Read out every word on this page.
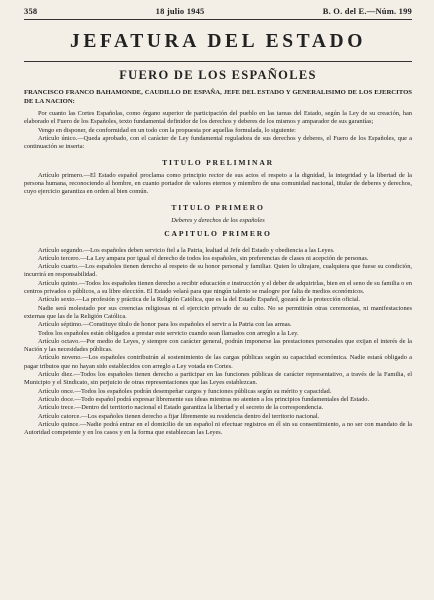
358	18 julio 1945	B. O. del E.—Núm. 199
JEFATURA DEL ESTADO
FUERO DE LOS ESPAÑOLES

FRANCISCO FRANCO BAHAMONDE, CAUDILLO DE ESPAÑA, JEFE DEL ESTADO Y GENERALISIMO DE LOS EJERCITOS DE LA NACION:

Por cuanto las Cortes Españolas, como órgano superior de participación del pueblo en las tareas del Estado, según la Ley de su creación, han elaborado el Fuero de los Españoles, texto fundamental definidor de los derechos y deberes de los mismos y amparador de sus garantías;

Vengo en disponer, de conformidad en un todo con la propuesta por aquellas formulada, lo siguiente:

Artículo único.—Queda aprobado, con el carácter de Ley fundamental reguladora de sus derechos y deberes, el Fuero de los Españoles, que a continuación se inserta:

TITULO PRELIMINAR

Artículo primero.—El Estado español proclama como principio rector de sus actos el respeto a la dignidad, la integridad y la libertad de la persona humana, reconociendo al hombre, en cuanto portador de valores eternos y miembro de una comunidad nacional, titular de deberes y derechos, cuyo ejercicio garantiza en orden al bien común.

TITULO PRIMERO
Deberes y derechos de los españoles
CAPITULO PRIMERO

Artículo segundo.—Los españoles deben servicio fiel a la Patria, lealtad al Jefe del Estado y obediencia a las Leyes.

Artículo tercero.—La Ley ampara por igual el derecho de todos los españoles, sin preferencias de clases ni acepción de personas.

Artículo cuarto.—Los españoles tienen derecho al respeto de su honor personal y familiar. Quien lo ultrajare, cualquiera que fuese su condición, incurrirá en responsabilidad.

Artículo quinto.—Todos los españoles tienen derecho a recibir educación e instrucción y el deber de adquirirlas, bien en el seno de su familia o en centros privados o públicos, a su libre elección. El Estado velará para que ningún talento se malogre por falta de medios económicos.

Artículo sexto.—La profesión y práctica de la Religión Católica, que es la del Estado Español, gozará de la protección oficial.

Nadie será molestado por sus creencias religiosas ni el ejercicio privado de su culto. No se permitirán otras ceremonias, ni manifestaciones externas que las de la Religión Católica.

Artículo séptimo.—Constituye título de honor para los españoles el servir a la Patria con las armas.

Todos los españoles están obligados a prestar este servicio cuando sean llamados con arreglo a la Ley.

Artículo octavo.—Por medio de Leyes, y siempre con carácter general, podrán imponerse las prestaciones personales que exijan el interés de la Nación y las necesidades públicas.

Artículo noveno.—Los españoles contribuirán al sostenimiento de las cargas públicas según su capacidad económica. Nadie estará obligado a pagar tributos que no hayan sido establecidos con arreglo a Ley votada en Cortes.

Artículo diez.—Todos los españoles tienen derecho a participar en las funciones públicas de carácter representativo, a través de la Familia, el Municipio y el Sindicato, sin perjuicio de otras representaciones que las Leyes establezcan.

Artículo once.—Todos los españoles podrán desempeñar cargos y funciones públicas según su mérito y capacidad.

Artículo doce.—Todo español podrá expresar libremente sus ideas mientras no atenten a los principios fundamentales del Estado.

Artículo trece.—Dentro del territorio nacional el Estado garantiza la libertad y el secreto de la correspondencia.

Artículo catorce.—Los españoles tienen derecho a fijar libremente su residencia dentro del territorio nacional.

Artículo quince.—Nadie podrá entrar en el domicilio de un español ni efectuar registros en él sin su consentimiento, a no ser con mandato de la Autoridad competente y en los casos y en la forma que establezcan las Leyes.
